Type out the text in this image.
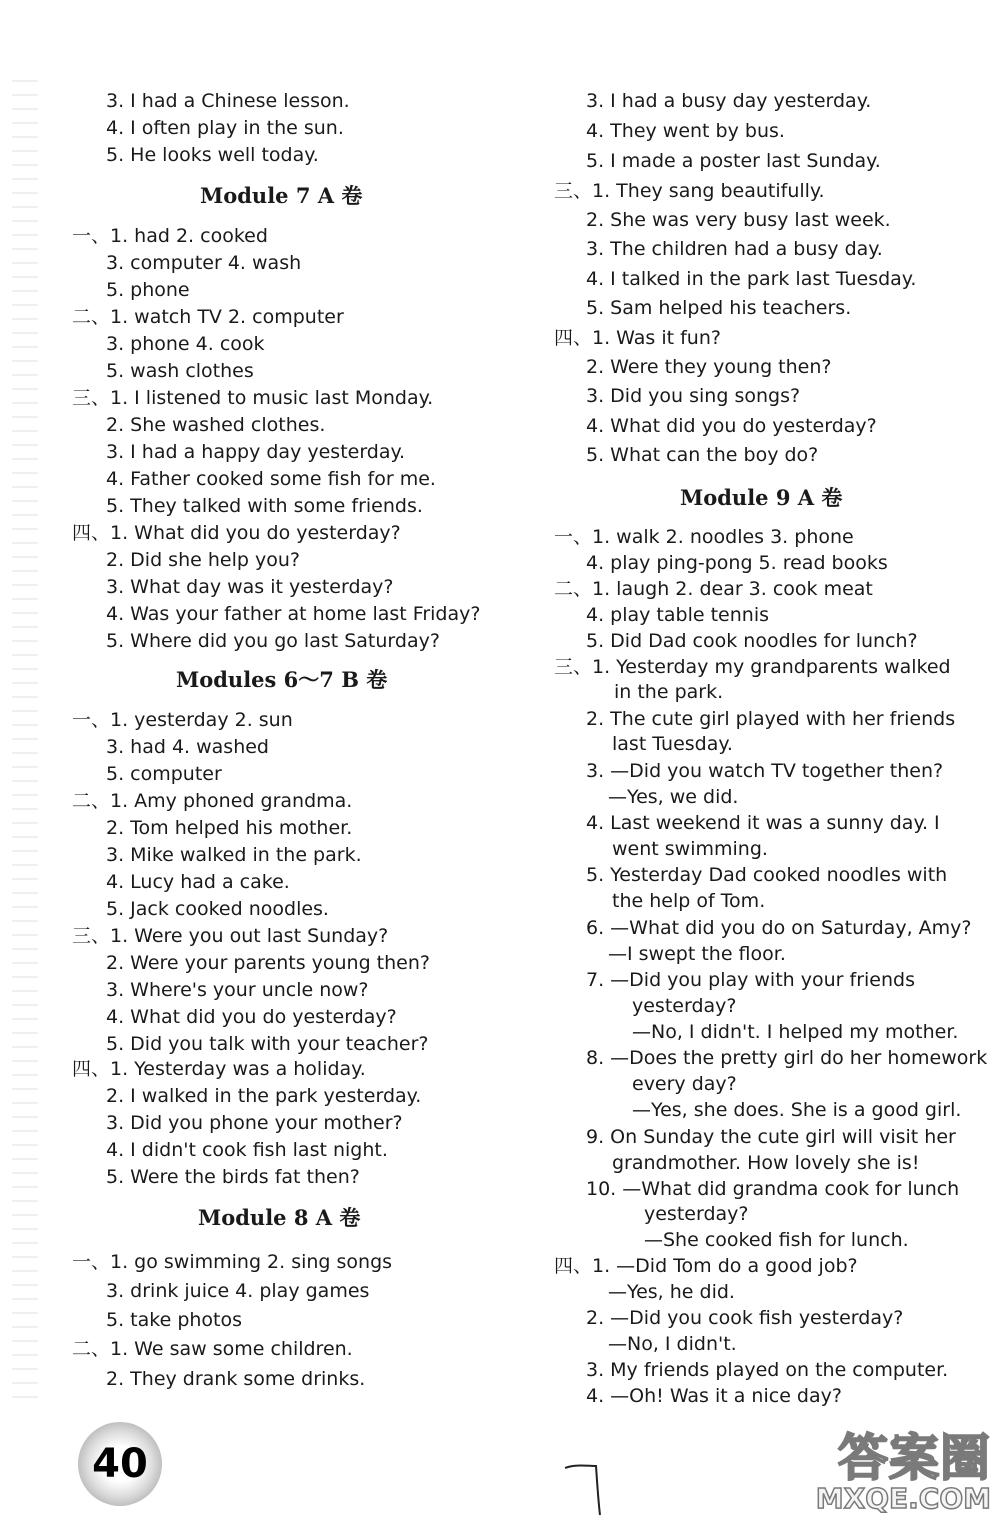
3. I had a Chinese lesson.
4. I often play in the sun.
5. He looks well today.
Module 7 A 卷
一、1. had 2. cooked
3. computer 4. wash
5. phone
二、1. watch TV 2. computer
3. phone 4. cook
5. wash clothes
三、1. I listened to music last Monday.
2. She washed clothes.
3. I had a happy day yesterday.
4. Father cooked some fish for me.
5. They talked with some friends.
四、1. What did you do yesterday?
2. Did she help you?
3. What day was it yesterday?
4. Was your father at home last Friday?
5. Where did you go last Saturday?
Modules 6～7 B 卷
一、1. yesterday 2. sun
3. had 4. washed
5. computer
二、1. Amy phoned grandma.
2. Tom helped his mother.
3. Mike walked in the park.
4. Lucy had a cake.
5. Jack cooked noodles.
三、1. Were you out last Sunday?
2. Were your parents young then?
3. Where's your uncle now?
4. What did you do yesterday?
5. Did you talk with your teacher?
四、1. Yesterday was a holiday.
2. I walked in the park yesterday.
3. Did you phone your mother?
4. I didn't cook fish last night.
5. Were the birds fat then?
Module 8 A 卷
一、1. go swimming 2. sing songs
3. drink juice 4. play games
5. take photos
二、1. We saw some children.
2. They drank some drinks.
3. I had a busy day yesterday.
4. They went by bus.
5. I made a poster last Sunday.
三、1. They sang beautifully.
2. She was very busy last week.
3. The children had a busy day.
4. I talked in the park last Tuesday.
5. Sam helped his teachers.
四、1. Was it fun?
2. Were they young then?
3. Did you sing songs?
4. What did you do yesterday?
5. What can the boy do?
Module 9 A 卷
一、1. walk 2. noodles 3. phone
4. play ping-pong 5. read books
二、1. laugh 2. dear 3. cook meat
4. play table tennis
5. Did Dad cook noodles for lunch?
三、1. Yesterday my grandparents walked
in the park.
2. The cute girl played with her friends
last Tuesday.
3. —Did you watch TV together then?
—Yes, we did.
4. Last weekend it was a sunny day. I
went swimming.
5. Yesterday Dad cooked noodles with
the help of Tom.
6. —What did you do on Saturday, Amy?
—I swept the floor.
7. —Did you play with your friends
yesterday?
—No, I didn't. I helped my mother.
8. —Does the pretty girl do her homework
every day?
—Yes, she does. She is a good girl.
9. On Sunday the cute girl will visit her
grandmother. How lovely she is!
10. —What did grandma cook for lunch
yesterday?
—She cooked fish for lunch.
四、1. —Did Tom do a good job?
—Yes, he did.
2. —Did you cook fish yesterday?
—No, I didn't.
3. My friends played on the computer.
4. —Oh! Was it a nice day?
40	答案圈
MXQE.COM
